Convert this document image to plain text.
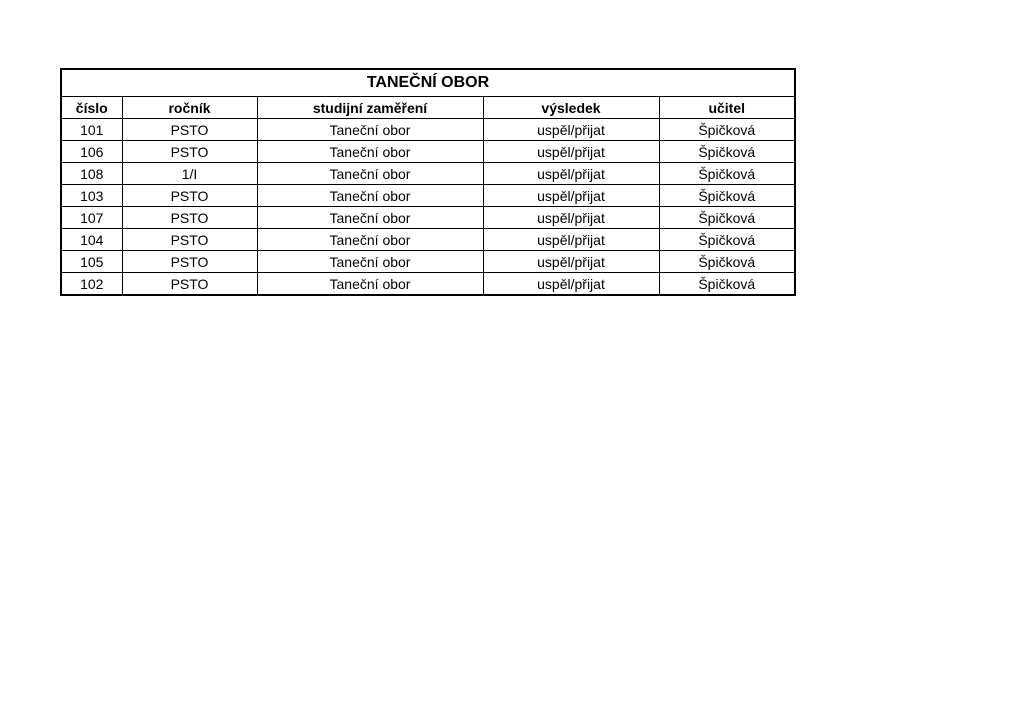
TANEČNÍ OBOR				
číslo	ročník	studijní zaměření	výsledek	učitel
101	PSTO	Taneční obor	uspěl/přijat	Špičková
106	PSTO	Taneční obor	uspěl/přijat	Špičková
108	1/I	Taneční obor	uspěl/přijat	Špičková
103	PSTO	Taneční obor	uspěl/přijat	Špičková
107	PSTO	Taneční obor	uspěl/přijat	Špičková
104	PSTO	Taneční obor	uspěl/přijat	Špičková
105	PSTO	Taneční obor	uspěl/přijat	Špičková
102	PSTO	Taneční obor	uspěl/přijat	Špičková
